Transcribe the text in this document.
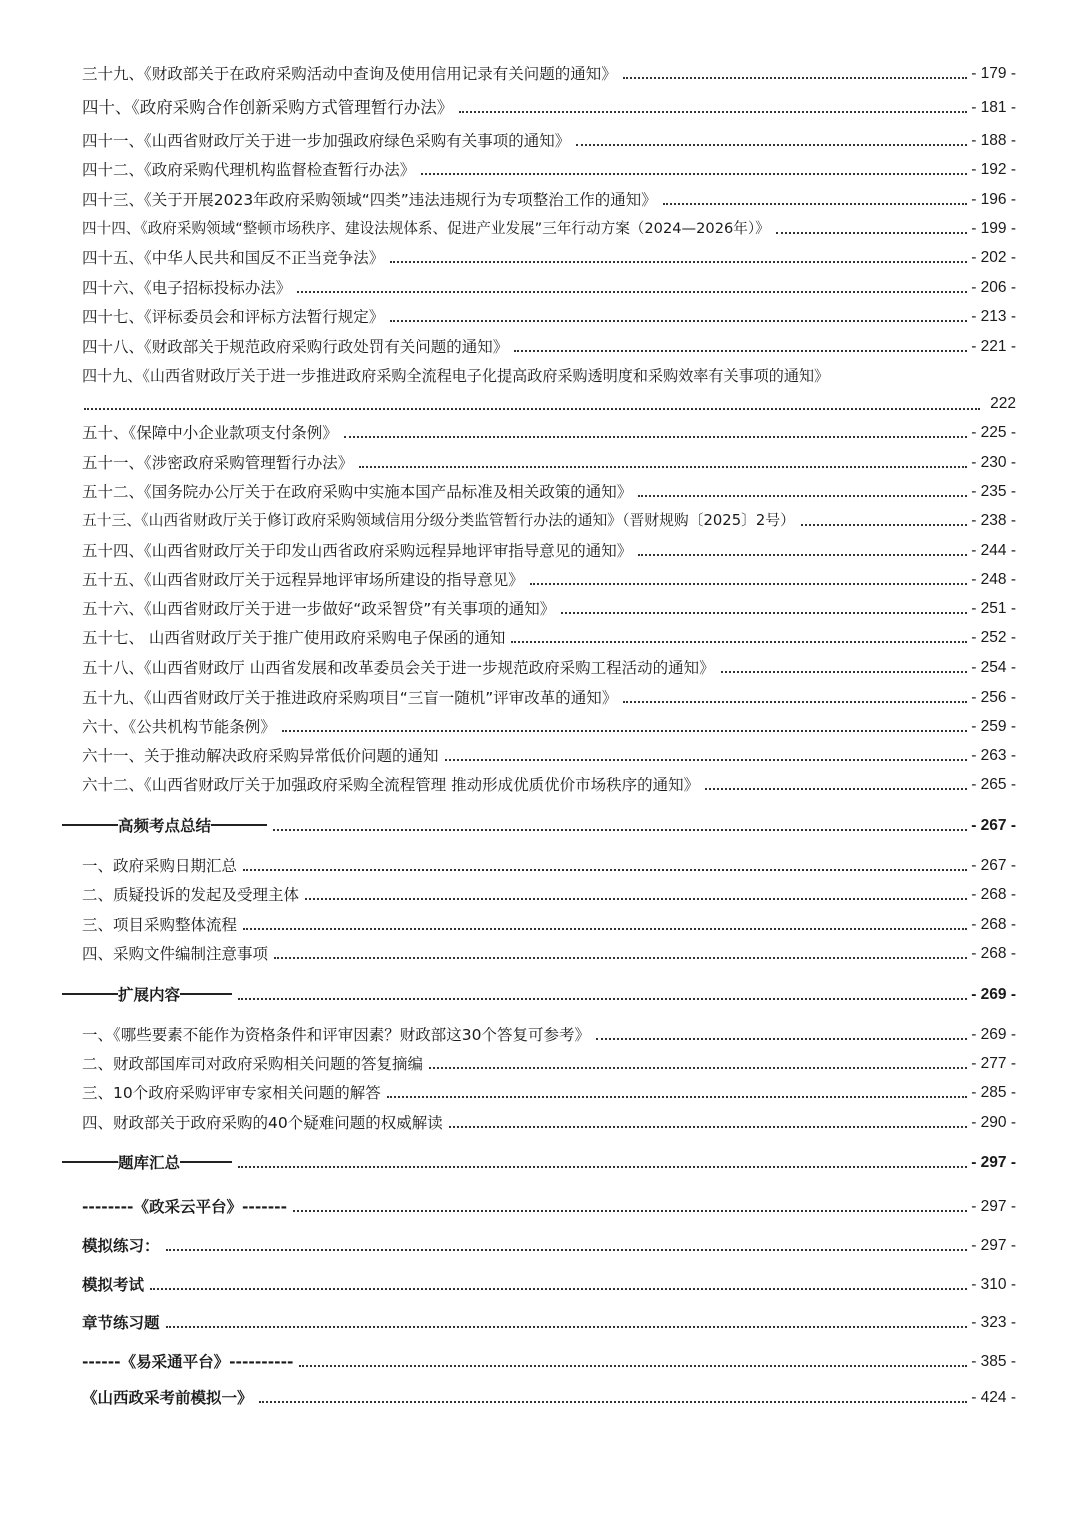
三十九、《财政部关于在政府采购活动中查询及使用信用记录有关问题的通知》	- 179 -
四十、《政府采购合作创新采购方式管理暂行办法》	- 181 -
四十一、《山西省财政厅关于进一步加强政府绿色采购有关事项的通知》	- 188 -
四十二、《政府采购代理机构监督检查暂行办法》	- 192 -
四十三、《关于开展2023年政府采购领域“四类”违法违规行为专项整治工作的通知》	- 196 -
四十四、《政府采购领域“整顿市场秩序、建设法规体系、促进产业发展”三年行动方案（2024—2026年）》	- 199 -
四十五、《中华人民共和国反不正当竞争法》	- 202 -
四十六、《电子招标投标办法》	- 206 -
四十七、《评标委员会和评标方法暂行规定》	- 213 -
四十八、《财政部关于规范政府采购行政处罚有关问题的通知》	- 221 -
四十九、《山西省财政厅关于进一步推进政府采购全流程电子化提高政府采购透明度和采购效率有关事项的通知》
222
五十、《保障中小企业款项支付条例》	- 225 -
五十一、《涉密政府采购管理暂行办法》	- 230 -
五十二、《国务院办公厅关于在政府采购中实施本国产品标准及相关政策的通知》	- 235 -
五十三、《山西省财政厅关于修订政府采购领域信用分级分类监管暂行办法的通知》（晋财规购〔2025〕2号）	- 238 -
五十四、《山西省财政厅关于印发山西省政府采购远程异地评审指导意见的通知》	- 244 -
五十五、《山西省财政厅关于远程异地评审场所建设的指导意见》	- 248 -
五十六、《山西省财政厅关于进一步做好“政采智贷”有关事项的通知》	- 251 -
五十七、 山西省财政厅关于推广使用政府采购电子保函的通知	- 252 -
五十八、《山西省财政厅 山西省发展和改革委员会关于进一步规范政府采购工程活动的通知》	- 254 -
五十九、《山西省财政厅关于推进政府采购项目“三盲一随机”评审改革的通知》	- 256 -
六十、《公共机构节能条例》	- 259 -
六十一、关于推动解决政府采购异常低价问题的通知	- 263 -
六十二、《山西省财政厅关于加强政府采购全流程管理 推动形成优质优价市场秩序的通知》	- 265 -
高频考点总结	- 267 -
一、政府采购日期汇总	- 267 -
二、质疑投诉的发起及受理主体	- 268 -
三、项目采购整体流程	- 268 -
四、采购文件编制注意事项	- 268 -
扩展内容	- 269 -
一、《哪些要素不能作为资格条件和评审因素？财政部这30个答复可参考》	- 269 -
二、财政部国库司对政府采购相关问题的答复摘编	- 277 -
三、10个政府采购评审专家相关问题的解答	- 285 -
四、财政部关于政府采购的40个疑难问题的权威解读	- 290 -
题库汇总	- 297 -
--------《政采云平台》-------	- 297 -
模拟练习：	- 297 -
模拟考试	- 310 -
章节练习题	- 323 -
------《易采通平台》----------	- 385 -
《山西政采考前模拟一》	- 424 -
